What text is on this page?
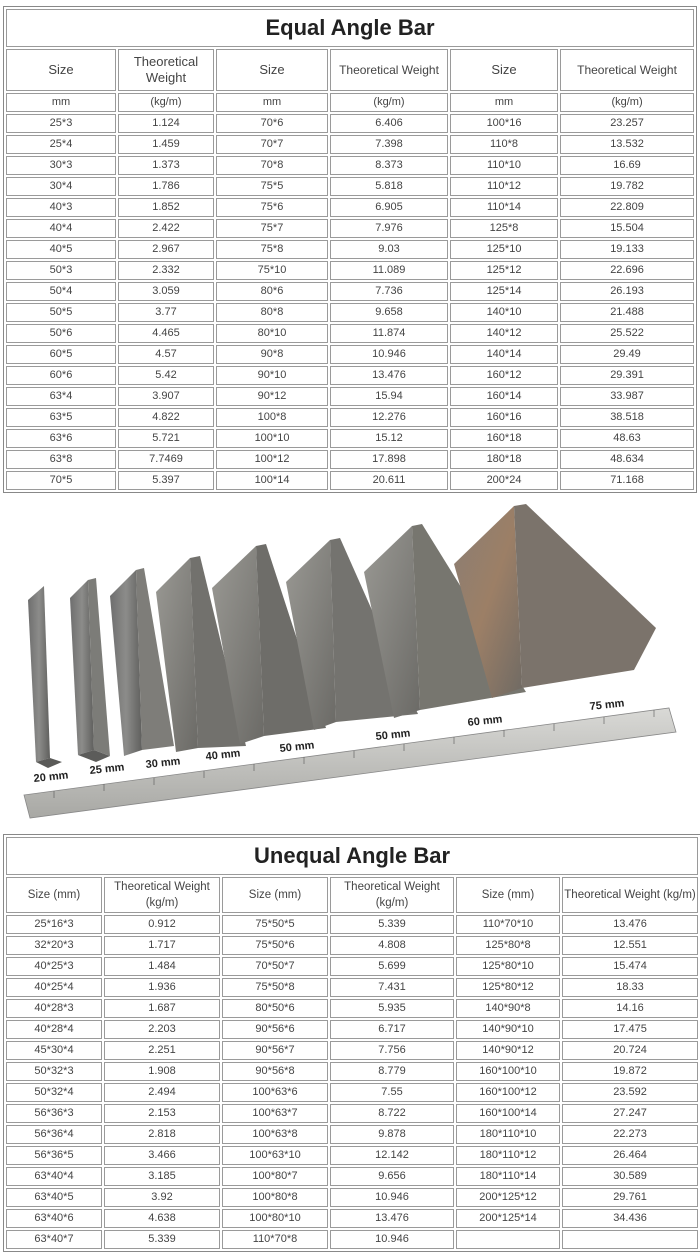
Equal Angle Bar					
Size	Theoretical Weight	Size	Theoretical Weight	Size	Theoretical Weight
mm	(kg/m)	mm	(kg/m)	mm	(kg/m)
25*3	1.124	70*6	6.406	100*16	23.257
25*4	1.459	70*7	7.398	110*8	13.532
30*3	1.373	70*8	8.373	110*10	16.69
30*4	1.786	75*5	5.818	110*12	19.782
40*3	1.852	75*6	6.905	110*14	22.809
40*4	2.422	75*7	7.976	125*8	15.504
40*5	2.967	75*8	9.03	125*10	19.133
50*3	2.332	75*10	11.089	125*12	22.696
50*4	3.059	80*6	7.736	125*14	26.193
50*5	3.77	80*8	9.658	140*10	21.488
50*6	4.465	80*10	11.874	140*12	25.522
60*5	4.57	90*8	10.946	140*14	29.49
60*6	5.42	90*10	13.476	160*12	29.391
63*4	3.907	90*12	15.94	160*14	33.987
63*5	4.822	100*8	12.276	160*16	38.518
63*6	5.721	100*10	15.12	160*18	48.63
63*8	7.7469	100*12	17.898	180*18	48.634
70*5	5.397	100*14	20.611	200*24	71.168
20 mm
25 mm 30 mm
40 mm
50 mm
50 mm
60 mm
75 mm
Unequal Angle Bar					
Size (mm)	Theoretical Weight (kg/m)	Size (mm)	Theoretical Weight (kg/m)	Size (mm)	Theoretical Weight (kg/m)
25*16*3	0.912	75*50*5	5.339	110*70*10	13.476
32*20*3	1.717	75*50*6	4.808	125*80*8	12.551
40*25*3	1.484	70*50*7	5.699	125*80*10	15.474
40*25*4	1.936	75*50*8	7.431	125*80*12	18.33
40*28*3	1.687	80*50*6	5.935	140*90*8	14.16
40*28*4	2.203	90*56*6	6.717	140*90*10	17.475
45*30*4	2.251	90*56*7	7.756	140*90*12	20.724
50*32*3	1.908	90*56*8	8.779	160*100*10	19.872
50*32*4	2.494	100*63*6	7.55	160*100*12	23.592
56*36*3	2.153	100*63*7	8.722	160*100*14	27.247
56*36*4	2.818	100*63*8	9.878	180*110*10	22.273
56*36*5	3.466	100*63*10	12.142	180*110*12	26.464
63*40*4	3.185	100*80*7	9.656	180*110*14	30.589
63*40*5	3.92	100*80*8	10.946	200*125*12	29.761
63*40*6	4.638	100*80*10	13.476	200*125*14	34.436
63*40*7	5.339	110*70*8	10.946		
